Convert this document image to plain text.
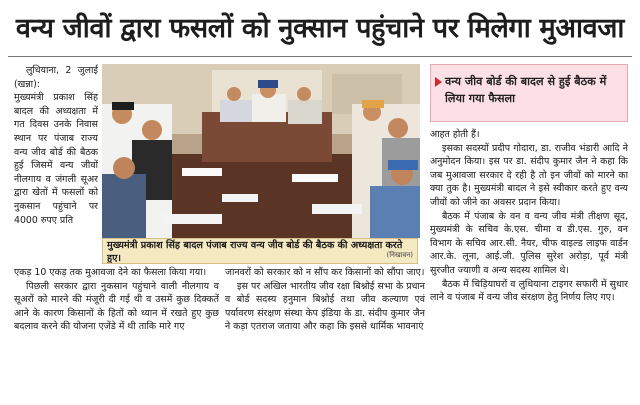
वन्य जीवों द्वारा फसलों को नुक्सान पहुंचाने पर मिलेगा मुआवजा

लुधियाना, 2 जुलाई (खन्ना):

मुख्यमंत्री प्रकाश सिंह बादल की अध्यक्षता में गत दिवस उनके निवास स्थान पर पंजाब राज्य वन्य जीव बोर्ड की बैठक हुई जिसमें वन्य जीवों नीलगाय व जंगली सूअर द्वारा खेतों में फसलों को नुकसान पहुंचाने पर 4000 रुपए प्रति

मुख्यमंत्री प्रकाश सिंह बादल पंजाब राज्य वन्य जीव बोर्ड की बैठक की अध्यक्षता करते हुए।	(निखावन)
वन्य जीव बोर्ड की बादल से हुई बैठक में लिया गया फैसला

एकड़ 10 एकड़ तक मुआवजा देने का फैसला किया गया।

पिछली सरकार द्वारा नुकसान पहुंचाने वाली नीलगाय व सूअरों को मारने की मंजूरी दी गई थी व उसमें कुछ दिक्कतें आने के कारण किसानों के हितों को ध्यान में रखते हुए कुछ बदलाव करने की योजना एजेंडे में थी ताकि मारे गए

जानवरों को सरकार को न सौंप कर किसानों को सौंपा जाए।

इस पर अखिल भारतीय जीव रक्षा बिश्नोई सभा के प्रधान व बोर्ड सदस्य हनुमान बिश्नोई तथा जीव कल्याण एवं पर्यावरण संरक्षण संस्था केप इंडिया के डा. संदीप कुमार जैन ने कड़ा एतराज जताया और कहा कि इससे धार्मिक भावनाएं

आहत होती हैं।

इसका सदस्यों प्रदीप गोदारा, डा. राजीव भंडारी आदि ने अनुमोदन किया। इस पर डा. संदीप कुमार जैन ने कहा कि जब मुआवजा सरकार दे रही है तो इन जीवों को मारने का क्या तुक है। मुख्यमंत्री बादल ने इसे स्वीकार करते हुए वन्य जीवों को जीने का अवसर प्रदान किया।

बैठक में पंजाब के वन व वन्य जीव मंत्री तीक्षण सूद, मुख्यमंत्री के सचिव के.एस. चीमा व डी.एस. गुरु, वन विभाग के सचिव आर.सी. नैयर, चीफ वाइल्ड लाइफ वार्डन आर.के. लूना, आई.जी. पुलिस सुरेश अरोड़ा, पूर्व मंत्री सुरजीत ज्याणी व अन्य सदस्य शामिल थे।

बैठक में चिड़ियाघरों व लुधियाना टाइगर सफारी में सुधार लाने व पंजाब में वन्य जीव संरक्षण हेतु निर्णय लिए गए।
